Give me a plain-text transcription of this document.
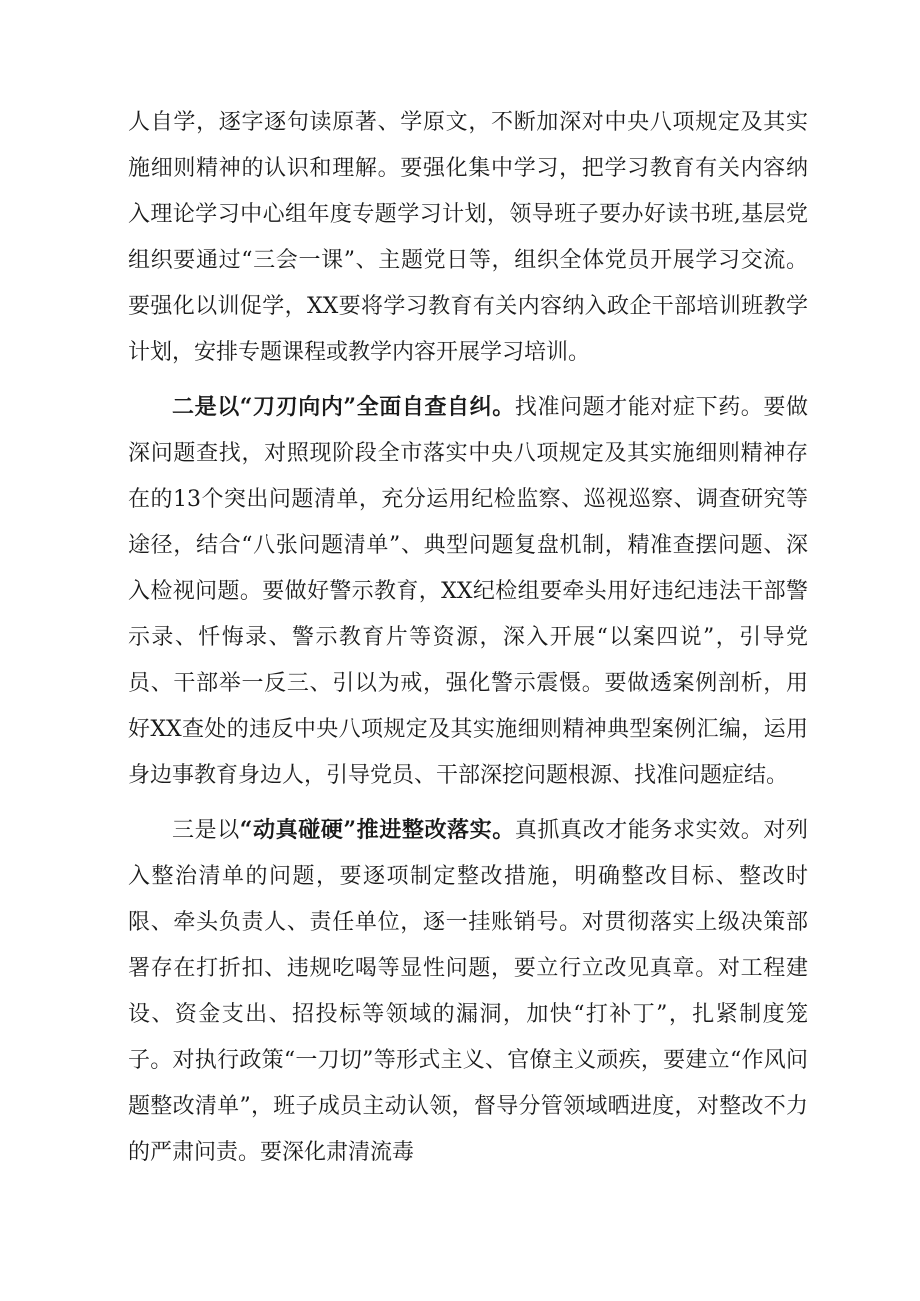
人自学，逐字逐句读原著、学原文，不断加深对中央八项规定及其实施细则精神的认识和理解。要强化集中学习，把学习教育有关内容纳入理论学习中心组年度专题学习计划，领导班子要办好读书班,基层党组织要通过“三会一课”、主题党日等，组织全体党员开展学习交流。要强化以训促学，XX要将学习教育有关内容纳入政企干部培训班教学计划，安排专题课程或教学内容开展学习培训。

二是以“刀刃向内”全面自查自纠。找准问题才能对症下药。要做深问题查找，对照现阶段全市落实中央八项规定及其实施细则精神存在的13个突出问题清单，充分运用纪检监察、巡视巡察、调查研究等途径，结合“八张问题清单”、典型问题复盘机制，精准查摆问题、深入检视问题。要做好警示教育，XX纪检组要牵头用好违纪违法干部警示录、忏悔录、警示教育片等资源，深入开展“以案四说”，引导党员、干部举一反三、引以为戒，强化警示震慑。要做透案例剖析，用好XX查处的违反中央八项规定及其实施细则精神典型案例汇编，运用身边事教育身边人，引导党员、干部深挖问题根源、找准问题症结。

三是以“动真碰硬”推进整改落实。真抓真改才能务求实效。对列入整治清单的问题，要逐项制定整改措施，明确整改目标、整改时限、牵头负责人、责任单位，逐一挂账销号。对贯彻落实上级决策部署存在打折扣、违规吃喝等显性问题，要立行立改见真章。对工程建设、资金支出、招投标等领域的漏洞，加快“打补丁”，扎紧制度笼子。对执行政策“一刀切”等形式主义、官僚主义顽疾，要建立“作风问题整改清单”，班子成员主动认领，督导分管领域晒进度，对整改不力的严肃问责。要深化肃清流毒
